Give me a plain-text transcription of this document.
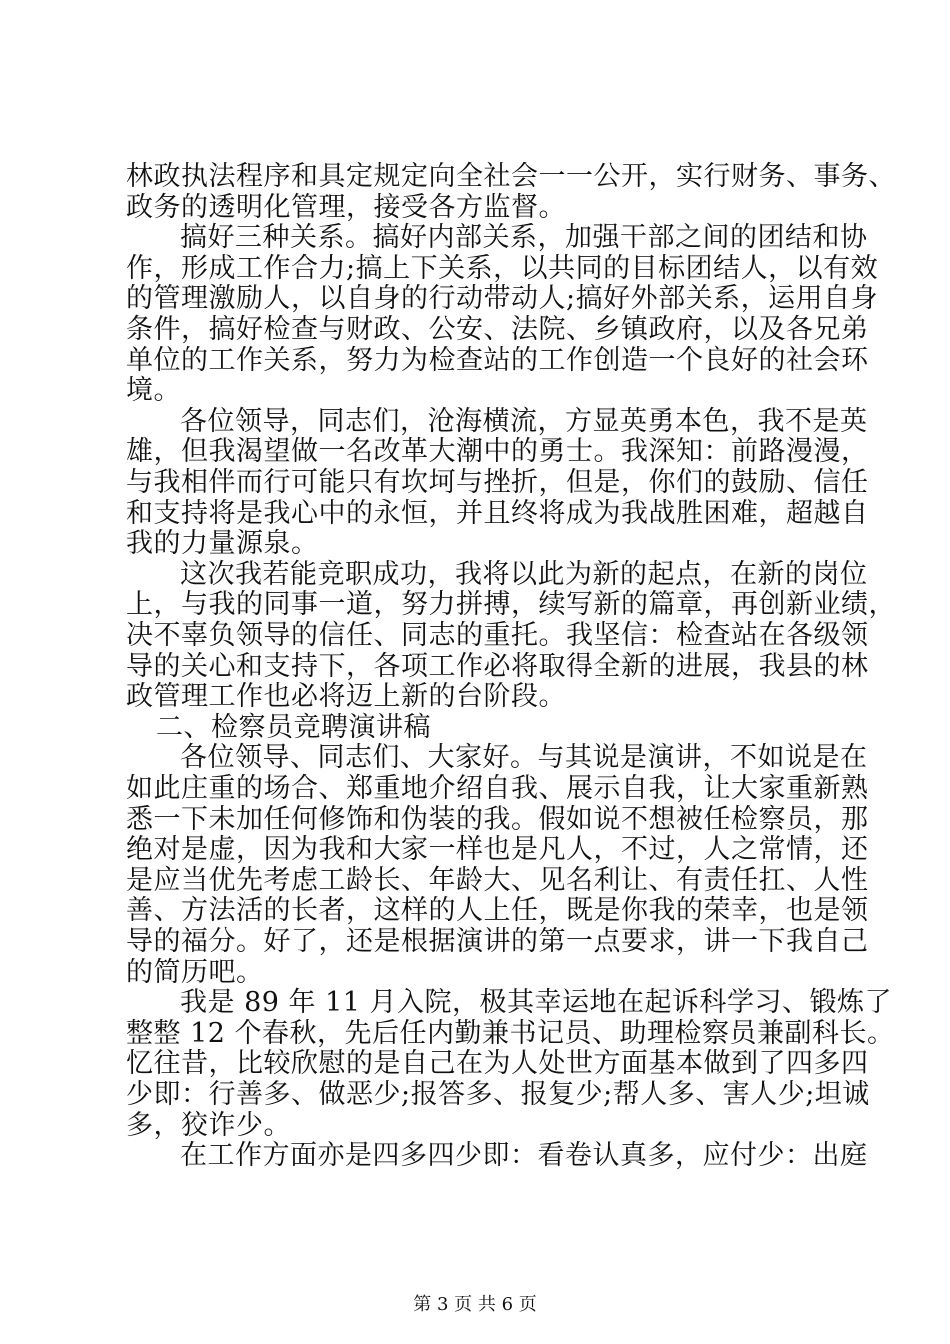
林政执法程序和具定规定向全社会一一公开，实行财务、事务、
政务的透明化管理，接受各方监督。
搞好三种关系。搞好内部关系，加强干部之间的团结和协
作，形成工作合力;搞上下关系，以共同的目标团结人，以有效
的管理激励人，以自身的行动带动人;搞好外部关系，运用自身
条件，搞好检查与财政、公安、法院、乡镇政府，以及各兄弟
单位的工作关系，努力为检查站的工作创造一个良好的社会环
境。
各位领导，同志们，沧海横流，方显英勇本色，我不是英
雄，但我渴望做一名改革大潮中的勇士。我深知：前路漫漫，
与我相伴而行可能只有坎坷与挫折，但是，你们的鼓励、信任
和支持将是我心中的永恒，并且终将成为我战胜困难，超越自
我的力量源泉。
这次我若能竞职成功，我将以此为新的起点，在新的岗位
上，与我的同事一道，努力拼搏，续写新的篇章，再创新业绩，
决不辜负领导的信任、同志的重托。我坚信：检查站在各级领
导的关心和支持下，各项工作必将取得全新的进展，我县的林
政管理工作也必将迈上新的台阶段。
二、检察员竞聘演讲稿
各位领导、同志们、大家好。与其说是演讲，不如说是在
如此庄重的场合、郑重地介绍自我、展示自我，让大家重新熟
悉一下未加任何修饰和伪装的我。假如说不想被任检察员，那
绝对是虚，因为我和大家一样也是凡人，不过，人之常情，还
是应当优先考虑工龄长、年龄大、见名利让、有责任扛、人性
善、方法活的长者，这样的人上任，既是你我的荣幸，也是领
导的福分。好了，还是根据演讲的第一点要求，讲一下我自己
的简历吧。
我是 89 年 11 月入院，极其幸运地在起诉科学习、锻炼了
整整 12 个春秋，先后任内勤兼书记员、助理检察员兼副科长。
忆往昔，比较欣慰的是自己在为人处世方面基本做到了四多四
少即：行善多、做恶少;报答多、报复少;帮人多、害人少;坦诚
多，狡诈少。
在工作方面亦是四多四少即：看卷认真多，应付少：出庭
第 3 页 共 6 页
